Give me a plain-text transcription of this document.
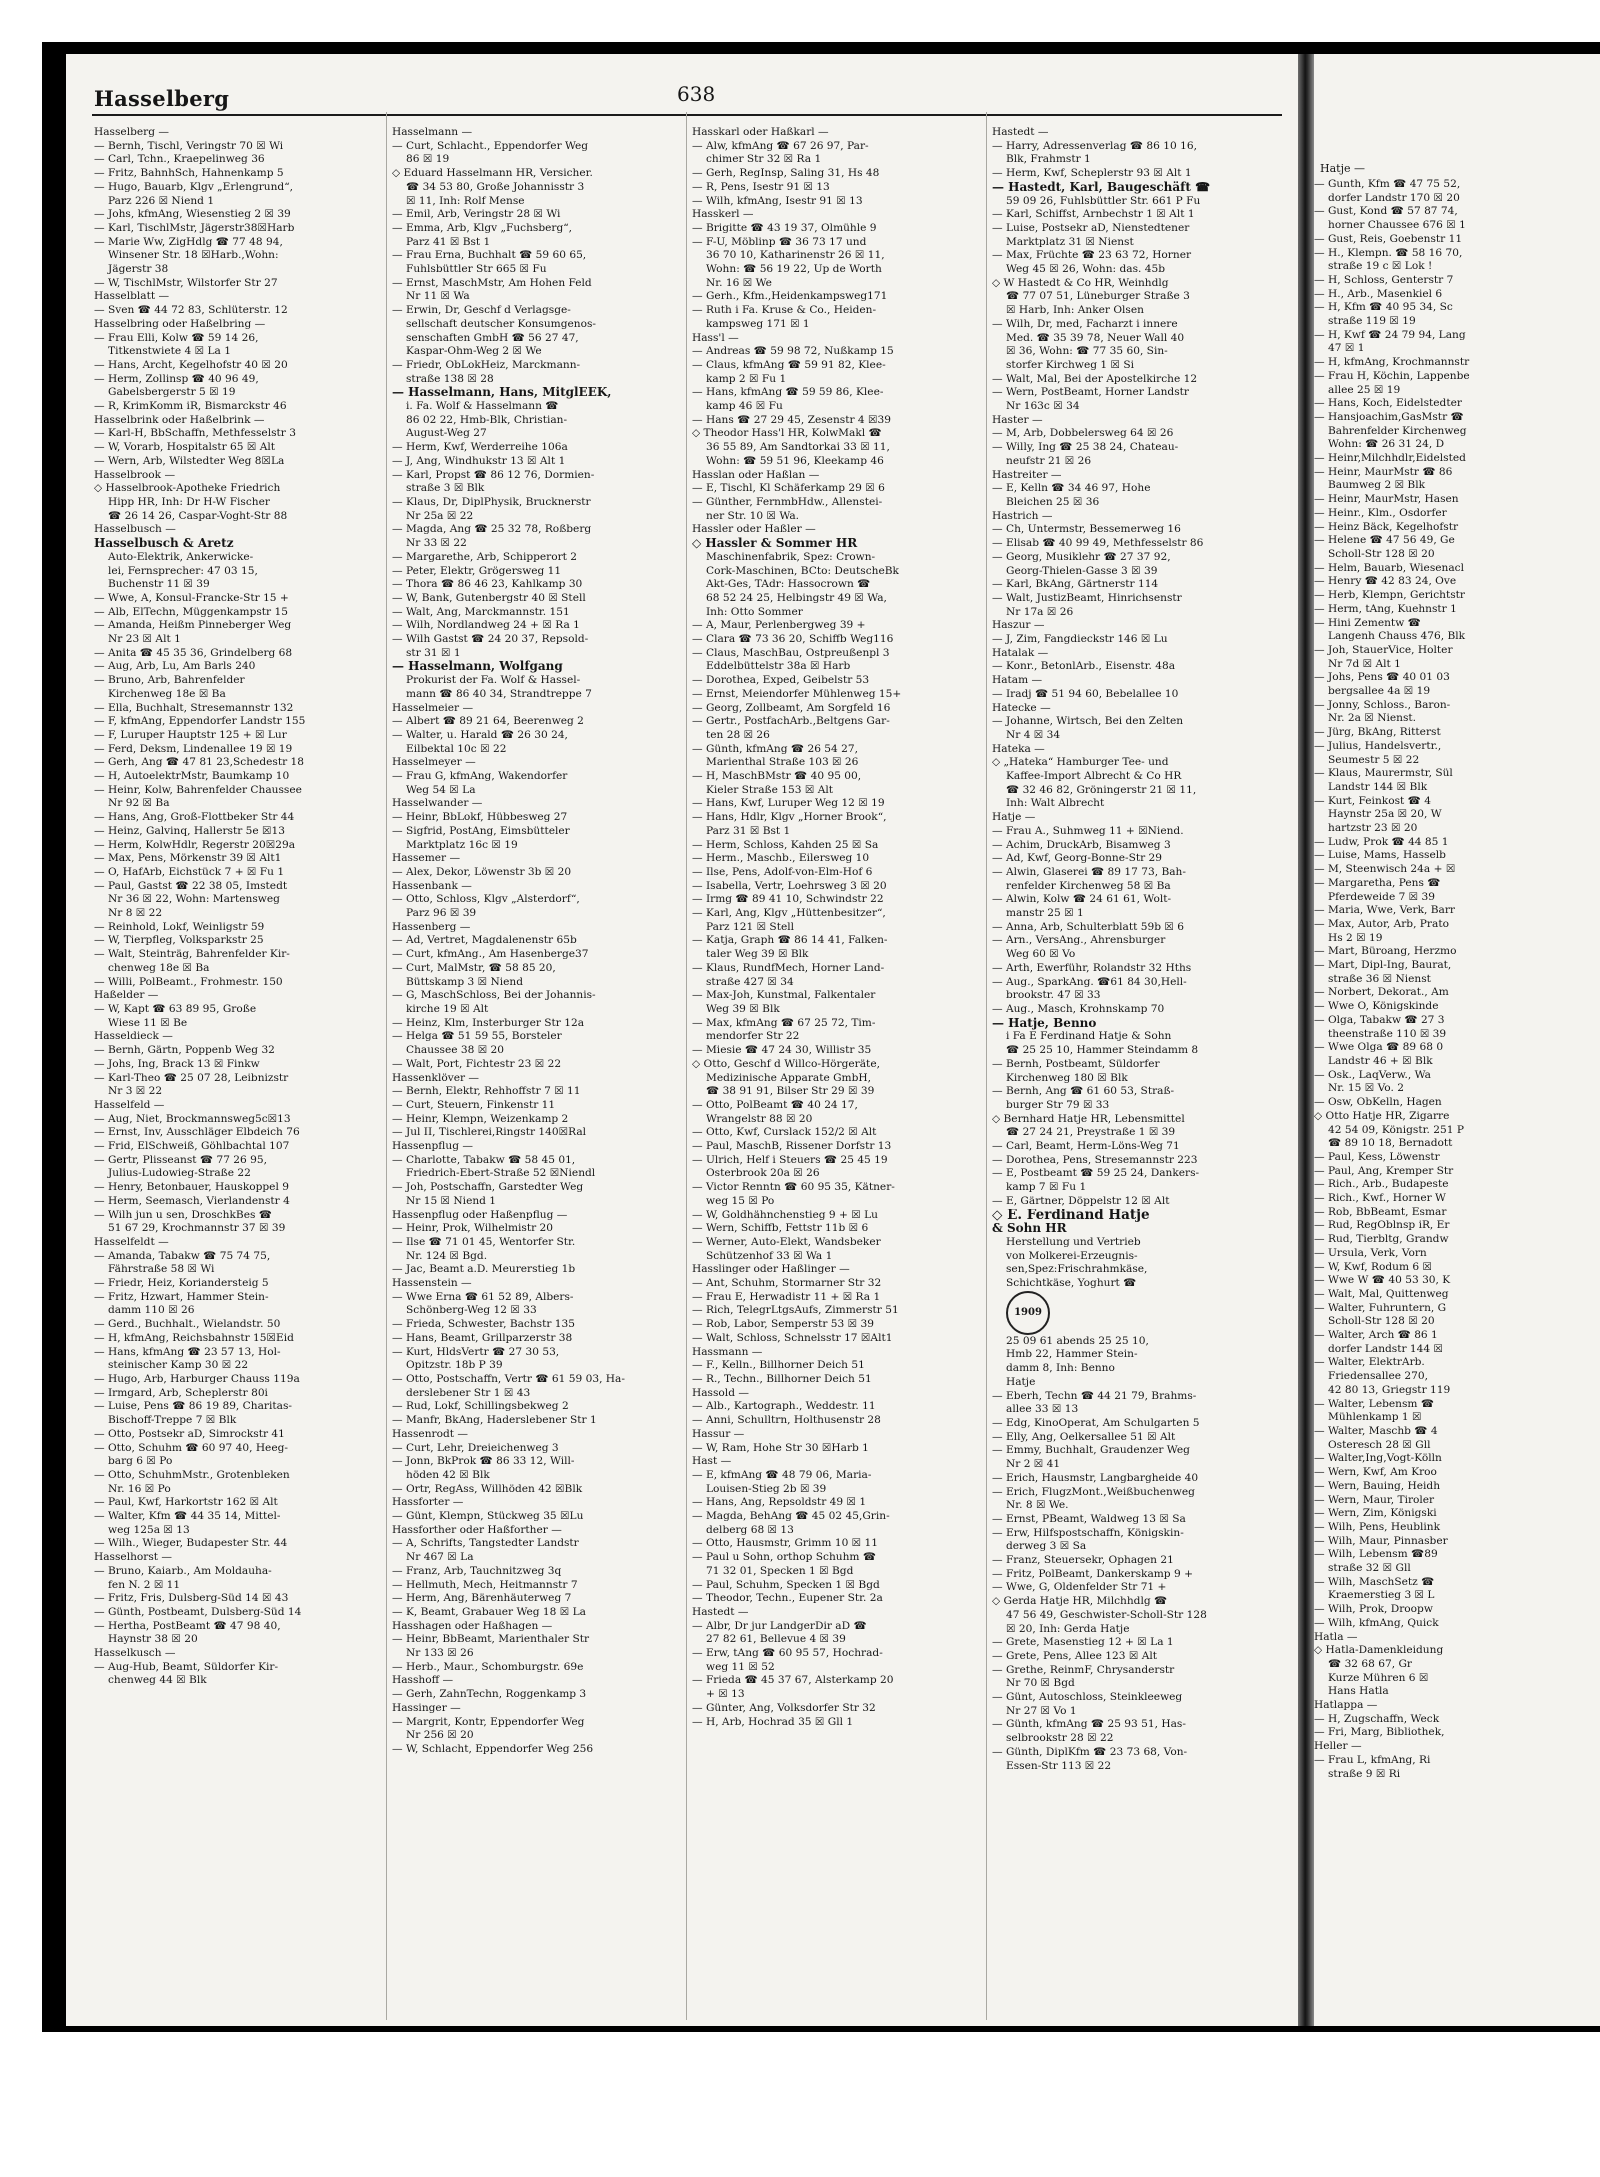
Hatje —
— Gunth, Kfm ☎ 47 75 52,
dorfer Landstr 170 ☒ 20
— Gust, Kond ☎ 57 87 74,
horner Chaussee 676 ☒ 1
— Gust, Reis, Goebenstr 11
— H., Klempn. ☎ 58 16 70,
straße 19 c ☒ Lok !
— H, Schloss, Genterstr 7
— H., Arb., Masenkiel 6
— H, Kfm ☎ 40 95 34, Sc
straße 119 ☒ 19
— H, Kwf ☎ 24 79 94, Lang
47 ☒ 1
— H, kfmAng, Krochmannstr
— Frau H, Köchin, Lappenbe
allee 25 ☒ 19
— Hans, Koch, Eidelstedter
— Hansjoachim,GasMstr ☎
Bahrenfelder Kirchenweg
Wohn: ☎ 26 31 24, D
— Heinr,Milchhdlr,Eidelsted
— Heinr, MaurMstr ☎ 86
Baumweg 2 ☒ Blk
— Heinr, MaurMstr, Hasen
— Heinr., Klm., Osdorfer
— Heinz Bäck, Kegelhofstr
— Helene ☎ 47 56 49, Ge
Scholl-Str 128 ☒ 20
— Helm, Bauarb, Wiesenacl
— Henry ☎ 42 83 24, Ove
— Herb, Klempn, Gerichtstr
— Herm, tAng, Kuehnstr 1
— Hini Zementw ☎
Langenh Chauss 476, Blk
— Joh, StauerVice, Holter
Nr 7d ☒ Alt 1
— Johs, Pens ☎ 40 01 03
bergsallee 4a ☒ 19
— Jonny, Schloss., Baron-
Nr. 2a ☒ Nienst.
— Jürg, BkAng, Ritterst
— Julius, Handelsvertr.,
Seumestr 5 ☒ 22
— Klaus, Maurermstr, Sül
Landstr 144 ☒ Blk
— Kurt, Feinkost ☎ 4
Haynstr 25a ☒ 20, W
hartzstr 23 ☒ 20
— Ludw, Prok ☎ 44 85 1
— Luise, Mams, Hasselb
— M, Steenwisch 24a + ☒
— Margaretha, Pens ☎
Pferdeweide 7 ☒ 39
— Maria, Wwe, Verk, Barr
— Max, Autor, Arb, Prato
Hs 2 ☒ 19
— Mart, Büroang, Herzmo
— Mart, Dipl-Ing, Baurat,
straße 36 ☒ Nienst
— Norbert, Dekorat., Am
— Wwe O, Königskinde
— Olga, Tabakw ☎ 27 3
theenstraße 110 ☒ 39
— Wwe Olga ☎ 89 68 0
Landstr 46 + ☒ Blk
— Osk., LaqVerw., Wa
Nr. 15 ☒ Vo. 2
— Osw, ObKelln, Hagen
◇ Otto Hatje HR, Zigarre
42 54 09, Königstr. 251 P
☎ 89 10 18, Bernadott
— Paul, Kess, Löwenstr
— Paul, Ang, Kremper Str
— Rich., Arb., Budapeste
— Rich., Kwf., Horner W
— Rob, BbBeamt, Esmar
— Rud, RegOblnsp iR, Er
— Rud, Tierbltg, Grandw
— Ursula, Verk, Vorn
— W, Kwf, Rodum 6 ☒
— Wwe W ☎ 40 53 30, K
— Walt, Mal, Quittenweg
— Walter, Fuhruntern, G
Scholl-Str 128 ☒ 20
— Walter, Arch ☎ 86 1
dorfer Landstr 144 ☒
— Walter, ElektrArb.
Friedensallee 270,
42 80 13, Griegstr 119
— Walter, Lebensm ☎
Mühlenkamp 1 ☒
— Walter, Maschb ☎ 4
Osteresch 28 ☒ Gll
— Walter,Ing,Vogt-Kölln
— Wern, Kwf, Am Kroo
— Wern, Bauing, Heidh
— Wern, Maur, Tiroler
— Wern, Zim, Königski
— Wilh, Pens, Heublink
— Wilh, Maur, Pinnasber
— Wilh, Lebensm ☎89
straße 32 ☒ Gll
— Wilh, MaschSetz ☎
Kraemerstieg 3 ☒ L
— Wilh, Prok, Droopw
— Wilh, kfmAng, Quick
Hatla —
◇ Hatla-Damenkleidung
☎ 32 68 67, Gr
Kurze Mühren 6 ☒
Hans Hatla
Hatlappa —
— H, Zugschaffn, Weck
— Fri, Marg, Bibliothek,
Heller —
— Frau L, kfmAng, Ri
straße 9 ☒ Ri
Hasselberg	638
Hasselberg —
— Bernh, Tischl, Veringstr 70 ☒ Wi
— Carl, Tchn., Kraepelinweg 36
— Fritz, BahnhSch, Hahnenkamp 5
— Hugo, Bauarb, Klgv „Erlengrund“,
Parz 226 ☒ Niend 1
— Johs, kfmAng, Wiesenstieg 2 ☒ 39
— Karl, TischlMstr, Jägerstr38☒Harb
— Marie Ww, ZigHdlg ☎ 77 48 94,
Winsener Str. 18 ☒Harb.,Wohn:
Jägerstr 38
— W, TischlMstr, Wilstorfer Str 27
Hasselblatt —
— Sven ☎ 44 72 83, Schlüterstr. 12
Hasselbring oder Haßelbring —
— Frau Elli, Kolw ☎ 59 14 26,
Titkenstwiete 4 ☒ La 1
— Hans, Archt, Kegelhofstr 40 ☒ 20
— Herm, Zollinsp ☎ 40 96 49,
Gabelsbergerstr 5 ☒ 19
— R, KrimKomm iR, Bismarckstr 46
Hasselbrink oder Haßelbrink —
— Karl-H, BbSchaffn, Methfesselstr 3
— W, Vorarb, Hospitalstr 65 ☒ Alt
— Wern, Arb, Wilstedter Weg 8☒La
Hasselbrook —
◇ Hasselbrook-Apotheke Friedrich
Hipp HR, Inh: Dr H-W Fischer
☎ 26 14 26, Caspar-Voght-Str 88
Hasselbusch —
Hasselbusch & Aretz
Auto-Elektrik, Ankerwicke-
lei, Fernsprecher: 47 03 15,
Buchenstr 11 ☒ 39
— Wwe, A, Konsul-Francke-Str 15 +
— Alb, ElTechn, Müggenkampstr 15
— Amanda, Heißm Pinneberger Weg
Nr 23 ☒ Alt 1
— Anita ☎ 45 35 36, Grindelberg 68
— Aug, Arb, Lu, Am Barls 240
— Bruno, Arb, Bahrenfelder
Kirchenweg 18e ☒ Ba
— Ella, Buchhalt, Stresemannstr 132
— F, kfmAng, Eppendorfer Landstr 155
— F, Luruper Hauptstr 125 + ☒ Lur
— Ferd, Deksm, Lindenallee 19 ☒ 19
— Gerh, Ang ☎ 47 81 23,Schedestr 18
— H, AutoelektrMstr, Baumkamp 10
— Heinr, Kolw, Bahrenfelder Chaussee
Nr 92 ☒ Ba
— Hans, Ang, Groß-Flottbeker Str 44
— Heinz, Galvinq, Hallerstr 5e ☒13
— Herm, KolwHdlr, Regerstr 20☒29a
— Max, Pens, Mörkenstr 39 ☒ Alt1
— O, HafArb, Eichstück 7 + ☒ Fu 1
— Paul, Gastst ☎ 22 38 05, Imstedt
Nr 36 ☒ 22, Wohn: Martensweg
Nr 8 ☒ 22
— Reinhold, Lokf, Weinligstr 59
— W, Tierpfleg, Volksparkstr 25
— Walt, Steinträg, Bahrenfelder Kir-
chenweg 18e ☒ Ba
— Willi, PolBeamt., Frohmestr. 150
Haßelder —
— W, Kapt ☎ 63 89 95, Große
Wiese 11 ☒ Be
Hasseldieck —
— Bernh, Gärtn, Poppenb Weg 32
— Johs, Ing, Brack 13 ☒ Finkw
— Karl-Theo ☎ 25 07 28, Leibnizstr
Nr 3 ☒ 22
Hasselfeld —
— Aug, Niet, Brockmannsweg5c☒13
— Ernst, Inv, Ausschläger Elbdeich 76
— Frid, ElSchweiß, Göhlbachtal 107
— Gertr, Plisseanst ☎ 77 26 95,
Julius-Ludowieg-Straße 22
— Henry, Betonbauer, Hauskoppel 9
— Herm, Seemasch, Vierlandenstr 4
— Wilh jun u sen, DroschkBes ☎
51 67 29, Krochmannstr 37 ☒ 39
Hasselfeldt —
— Amanda, Tabakw ☎ 75 74 75,
Fährstraße 58 ☒ Wi
— Friedr, Heiz, Koriandersteig 5
— Fritz, Hzwart, Hammer Stein-
damm 110 ☒ 26
— Gerd., Buchhalt., Wielandstr. 50
— H, kfmAng, Reichsbahnstr 15☒Eid
— Hans, kfmAng ☎ 23 57 13, Hol-
steinischer Kamp 30 ☒ 22
— Hugo, Arb, Harburger Chauss 119a
— Irmgard, Arb, Scheplerstr 80i
— Luise, Pens ☎ 86 19 89, Charitas-
Bischoff-Treppe 7 ☒ Blk
— Otto, Postsekr aD, Simrockstr 41
— Otto, Schuhm ☎ 60 97 40, Heeg-
barg 6 ☒ Po
— Otto, SchuhmMstr., Grotenbleken
Nr. 16 ☒ Po
— Paul, Kwf, Harkortstr 162 ☒ Alt
— Walter, Kfm ☎ 44 35 14, Mittel-
weg 125a ☒ 13
— Wilh., Wieger, Budapester Str. 44
Hasselhorst —
— Bruno, Kaiarb., Am Moldauha-
fen N. 2 ☒ 11
— Fritz, Fris, Dulsberg-Süd 14 ☒ 43
— Günth, Postbeamt, Dulsberg-Süd 14
— Hertha, PostBeamt ☎ 47 98 40,
Haynstr 38 ☒ 20
Hasselkusch —
— Aug-Hub, Beamt, Süldorfer Kir-
chenweg 44 ☒ Blk
Hasselmann —
— Curt, Schlacht., Eppendorfer Weg
86 ☒ 19
◇ Eduard Hasselmann HR, Versicher.
☎ 34 53 80, Große Johannisstr 3
☒ 11, Inh: Rolf Mense
— Emil, Arb, Veringstr 28 ☒ Wi
— Emma, Arb, Klgv „Fuchsberg“,
Parz 41 ☒ Bst 1
— Frau Erna, Buchhalt ☎ 59 60 65,
Fuhlsbüttler Str 665 ☒ Fu
— Ernst, MaschMstr, Am Hohen Feld
Nr 11 ☒ Wa
— Erwin, Dr, Geschf d Verlagsge-
sellschaft deutscher Konsumgenos-
senschaften GmbH ☎ 56 27 47,
Kaspar-Ohm-Weg 2 ☒ We
— Friedr, ObLokHeiz, Marckmann-
straße 138 ☒ 28
— Hasselmann, Hans, MitglEEK,
i. Fa. Wolf & Hasselmann ☎
86 02 22, Hmb-Blk, Christian-
August-Weg 27
— Herm, Kwf, Werderreihe 106a
— J, Ang, Windhukstr 13 ☒ Alt 1
— Karl, Propst ☎ 86 12 76, Dormien-
straße 3 ☒ Blk
— Klaus, Dr, DiplPhysik, Brucknerstr
Nr 25a ☒ 22
— Magda, Ang ☎ 25 32 78, Roßberg
Nr 33 ☒ 22
— Margarethe, Arb, Schipperort 2
— Peter, Elektr, Grögersweg 11
— Thora ☎ 86 46 23, Kahlkamp 30
— W, Bank, Gutenbergstr 40 ☒ Stell
— Walt, Ang, Marckmannstr. 151
— Wilh, Nordlandweg 24 + ☒ Ra 1
— Wilh Gastst ☎ 24 20 37, Repsold-
str 31 ☒ 1
— Hasselmann, Wolfgang
Prokurist der Fa. Wolf & Hassel-
mann ☎ 86 40 34, Strandtreppe 7
Hasselmeier —
— Albert ☎ 89 21 64, Beerenweg 2
— Walter, u. Harald ☎ 26 30 24,
Eilbektal 10c ☒ 22
Hasselmeyer —
— Frau G, kfmAng, Wakendorfer
Weg 54 ☒ La
Hasselwander —
— Heinr, BbLokf, Hübbesweg 27
— Sigfrid, PostAng, Eimsbütteler
Marktplatz 16c ☒ 19
Hassemer —
— Alex, Dekor, Löwenstr 3b ☒ 20
Hassenbank —
— Otto, Schloss, Klgv „Alsterdorf“,
Parz 96 ☒ 39
Hassenberg —
— Ad, Vertret, Magdalenenstr 65b
— Curt, kfmAng., Am Hasenberge37
— Curt, MalMstr, ☎ 58 85 20,
Büttskamp 3 ☒ Niend
— G, MaschSchloss, Bei der Johannis-
kirche 19 ☒ Alt
— Heinz, Klm, Insterburger Str 12a
— Helga ☎ 51 59 55, Borsteler
Chaussee 38 ☒ 20
— Walt, Port, Fichtestr 23 ☒ 22
Hassenklöver —
— Bernh, Elektr, Rehhoffstr 7 ☒ 11
— Curt, Steuern, Finkenstr 11
— Heinr, Klempn, Weizenkamp 2
— Jul II, Tischlerei,Ringstr 140☒Ral
Hassenpflug —
— Charlotte, Tabakw ☎ 58 45 01,
Friedrich-Ebert-Straße 52 ☒Niendl
— Joh, Postschaffn, Garstedter Weg
Nr 15 ☒ Niend 1
Hassenpflug oder Haßenpflug —
— Heinr, Prok, Wilhelmistr 20
— Ilse ☎ 71 01 45, Wentorfer Str.
Nr. 124 ☒ Bgd.
— Jac, Beamt a.D. Meurerstieg 1b
Hassenstein —
— Wwe Erna ☎ 61 52 89, Albers-
Schönberg-Weg 12 ☒ 33
— Frieda, Schwester, Bachstr 135
— Hans, Beamt, Grillparzerstr 38
— Kurt, HldsVertr ☎ 27 30 53,
Opitzstr. 18b P 39
— Otto, Postschaffn, Vertr ☎ 61 59 03, Ha-
derslebener Str 1 ☒ 43
— Rud, Lokf, Schillingsbekweg 2
— Manfr, BkAng, Haderslebener Str 1
Hassenrodt —
— Curt, Lehr, Dreieichenweg 3
— Jonn, BkProk ☎ 86 33 12, Will-
höden 42 ☒ Blk
— Ortr, RegAss, Willhöden 42 ☒Blk
Hassforter —
— Günt, Klempn, Stückweg 35 ☒Lu
Hassforther oder Haßforther —
— A, Schrifts, Tangstedter Landstr
Nr 467 ☒ La
— Franz, Arb, Tauchnitzweg 3q
— Hellmuth, Mech, Heitmannstr 7
— Herm, Ang, Bärenhäuterweg 7
— K, Beamt, Grabauer Weg 18 ☒ La
Hasshagen oder Haßhagen —
— Heinr, BbBeamt, Marienthaler Str
Nr 133 ☒ 26
— Herb., Maur., Schomburgstr. 69e
Hasshoff —
— Gerh, ZahnTechn, Roggenkamp 3
Hassinger —
— Margrit, Kontr, Eppendorfer Weg
Nr 256 ☒ 20
— W, Schlacht, Eppendorfer Weg 256
Hasskarl oder Haßkarl —
— Alw, kfmAng ☎ 67 26 97, Par-
chimer Str 32 ☒ Ra 1
— Gerh, RegInsp, Saling 31, Hs 48
— R, Pens, Isestr 91 ☒ 13
— Wilh, kfmAng, Isestr 91 ☒ 13
Hasskerl —
— Brigitte ☎ 43 19 37, Olmühle 9
— F-U, Möblinp ☎ 36 73 17 und
36 70 10, Katharinenstr 26 ☒ 11,
Wohn: ☎ 56 19 22, Up de Worth
Nr. 16 ☒ We
— Gerh., Kfm.,Heidenkampsweg171
— Ruth i Fa. Kruse & Co., Heiden-
kampsweg 171 ☒ 1
Hass'l —
— Andreas ☎ 59 98 72, Nußkamp 15
— Claus, kfmAng ☎ 59 91 82, Klee-
kamp 2 ☒ Fu 1
— Hans, kfmAng ☎ 59 59 86, Klee-
kamp 46 ☒ Fu
— Hans ☎ 27 29 45, Zesenstr 4 ☒39
◇ Theodor Hass'l HR, KolwMakl ☎
36 55 89, Am Sandtorkai 33 ☒ 11,
Wohn: ☎ 59 51 96, Kleekamp 46
Hasslan oder Haßlan —
— E, Tischl, Kl Schäferkamp 29 ☒ 6
— Günther, FernmbHdw., Allenstei-
ner Str. 10 ☒ Wa.
Hassler oder Haßler —
◇ Hassler & Sommer HR
Maschinenfabrik, Spez: Crown-
Cork-Maschinen, BCto: DeutscheBk
Akt-Ges, TAdr: Hassocrown ☎
68 52 24 25, Helbingstr 49 ☒ Wa,
Inh: Otto Sommer
— A, Maur, Perlenbergweg 39 +
— Clara ☎ 73 36 20, Schiffb Weg116
— Claus, MaschBau, Ostpreußenpl 3
Eddelbüttelstr 38a ☒ Harb
— Dorothea, Exped, Geibelstr 53
— Ernst, Meiendorfer Mühlenweg 15+
— Georg, Zollbeamt, Am Sorgfeld 16
— Gertr., PostfachArb.,Beltgens Gar-
ten 28 ☒ 26
— Günth, kfmAng ☎ 26 54 27,
Marienthal Straße 103 ☒ 26
— H, MaschBMstr ☎ 40 95 00,
Kieler Straße 153 ☒ Alt
— Hans, Kwf, Luruper Weg 12 ☒ 19
— Hans, Hdlr, Klgv „Horner Brook“,
Parz 31 ☒ Bst 1
— Herm, Schloss, Kahden 25 ☒ Sa
— Herm., Maschb., Eilersweg 10
— Ilse, Pens, Adolf-von-Elm-Hof 6
— Isabella, Vertr, Loehrsweg 3 ☒ 20
— Irmg ☎ 89 41 10, Schwindstr 22
— Karl, Ang, Klgv „Hüttenbesitzer“,
Parz 121 ☒ Stell
— Katja, Graph ☎ 86 14 41, Falken-
taler Weg 39 ☒ Blk
— Klaus, RundfMech, Horner Land-
straße 427 ☒ 34
— Max-Joh, Kunstmal, Falkentaler
Weg 39 ☒ Blk
— Max, kfmAng ☎ 67 25 72, Tim-
mendorfer Str 22
— Miesie ☎ 47 24 30, Willistr 35
◇ Otto, Geschf d Willco-Hörgeräte,
Medizinische Apparate GmbH,
☎ 38 91 91, Bilser Str 29 ☒ 39
— Otto, PolBeamt ☎ 40 24 17,
Wrangelstr 88 ☒ 20
— Otto, Kwf, Curslack 152/2 ☒ Alt
— Paul, MaschB, Rissener Dorfstr 13
— Ulrich, Helf i Steuers ☎ 25 45 19
Osterbrook 20a ☒ 26
— Victor Renntn ☎ 60 95 35, Kätner-
weg 15 ☒ Po
— W, Goldhähnchenstieg 9 + ☒ Lu
— Wern, Schiffb, Fettstr 11b ☒ 6
— Werner, Auto-Elekt, Wandsbeker
Schützenhof 33 ☒ Wa 1
Hasslinger oder Haßlinger —
— Ant, Schuhm, Stormarner Str 32
— Frau E, Herwadistr 11 + ☒ Ra 1
— Rich, TelegrLtgsAufs, Zimmerstr 51
— Rob, Labor, Semperstr 53 ☒ 39
— Walt, Schloss, Schnelsstr 17 ☒Alt1
Hassmann —
— F., Kelln., Billhorner Deich 51
— R., Techn., Billhorner Deich 51
Hassold —
— Alb., Kartograph., Weddestr. 11
— Anni, Schulltrn, Holthusenstr 28
Hassur —
— W, Ram, Hohe Str 30 ☒Harb 1
Hast —
— E, kfmAng ☎ 48 79 06, Maria-
Louisen-Stieg 2b ☒ 39
— Hans, Ang, Repsoldstr 49 ☒ 1
— Magda, BehAng ☎ 45 02 45,Grin-
delberg 68 ☒ 13
— Otto, Hausmstr, Grimm 10 ☒ 11
— Paul u Sohn, orthop Schuhm ☎
71 32 01, Specken 1 ☒ Bgd
— Paul, Schuhm, Specken 1 ☒ Bgd
— Theodor, Techn., Eupener Str. 2a
Hastedt —
— Albr, Dr jur LandgerDir aD ☎
27 82 61, Bellevue 4 ☒ 39
— Erw, tAng ☎ 60 95 57, Hochrad-
weg 11 ☒ 52
— Frieda ☎ 45 37 67, Alsterkamp 20
+ ☒ 13
— Günter, Ang, Volksdorfer Str 32
— H, Arb, Hochrad 35 ☒ Gll 1
Hastedt —
— Harry, Adressenverlag ☎ 86 10 16,
Blk, Frahmstr 1
— Herm, Kwf, Scheplerstr 93 ☒ Alt 1
— Hastedt, Karl, Baugeschäft ☎
59 09 26, Fuhlsbüttler Str. 661 P Fu
— Karl, Schiffst, Arnbechstr 1 ☒ Alt 1
— Luise, Postsekr aD, Nienstedtener
Marktplatz 31 ☒ Nienst
— Max, Früchte ☎ 23 63 72, Horner
Weg 45 ☒ 26, Wohn: das. 45b
◇ W Hastedt & Co HR, Weinhdlg
☎ 77 07 51, Lüneburger Straße 3
☒ Harb, Inh: Anker Olsen
— Wilh, Dr, med, Facharzt i innere
Med. ☎ 35 39 78, Neuer Wall 40
☒ 36, Wohn: ☎ 77 35 60, Sin-
storfer Kirchweg 1 ☒ Si
— Walt, Mal, Bei der Apostelkirche 12
— Wern, PostBeamt, Horner Landstr
Nr 163c ☒ 34
Haster —
— M, Arb, Dobbelersweg 64 ☒ 26
— Willy, Ing ☎ 25 38 24, Chateau-
neufstr 21 ☒ 26
Hastreiter —
— E, Kelln ☎ 34 46 97, Hohe
Bleichen 25 ☒ 36
Hastrich —
— Ch, Untermstr, Bessemerweg 16
— Elisab ☎ 40 99 49, Methfesselstr 86
— Georg, Musiklehr ☎ 27 37 92,
Georg-Thielen-Gasse 3 ☒ 39
— Karl, BkAng, Gärtnerstr 114
— Walt, JustizBeamt, Hinrichsenstr
Nr 17a ☒ 26
Haszur —
— J, Zim, Fangdieckstr 146 ☒ Lu
Hatalak —
— Konr., BetonlArb., Eisenstr. 48a
Hatam —
— Iradj ☎ 51 94 60, Bebelallee 10
Hatecke —
— Johanne, Wirtsch, Bei den Zelten
Nr 4 ☒ 34
Hateka —
◇ „Hateka“ Hamburger Tee- und
Kaffee-Import Albrecht & Co HR
☎ 32 46 82, Gröningerstr 21 ☒ 11,
Inh: Walt Albrecht
Hatje —
— Frau A., Suhmweg 11 + ☒Niend.
— Achim, DruckArb, Bisamweg 3
— Ad, Kwf, Georg-Bonne-Str 29
— Alwin, Glaserei ☎ 89 17 73, Bah-
renfelder Kirchenweg 58 ☒ Ba
— Alwin, Kolw ☎ 24 61 61, Wolt-
manstr 25 ☒ 1
— Anna, Arb, Schulterblatt 59b ☒ 6
— Arn., VersAng., Ahrensburger
Weg 60 ☒ Vo
— Arth, Ewerführ, Rolandstr 32 Hths
— Aug., SparkAng. ☎61 84 30,Hell-
brookstr. 47 ☒ 33
— Aug., Masch, Krohnskamp 70
— Hatje, Benno
i Fa E Ferdinand Hatje & Sohn
☎ 25 25 10, Hammer Steindamm 8
— Bernh, Postbeamt, Süldorfer
Kirchenweg 180 ☒ Blk
— Bernh, Ang ☎ 61 60 53, Straß-
burger Str 79 ☒ 33
◇ Bernhard Hatje HR, Lebensmittel
☎ 27 24 21, Preystraße 1 ☒ 39
— Carl, Beamt, Herm-Löns-Weg 71
— Dorothea, Pens, Stresemannstr 223
— E, Postbeamt ☎ 59 25 24, Dankers-
kamp 7 ☒ Fu 1
— E, Gärtner, Döppelstr 12 ☒ Alt
◇ E. Ferdinand Hatje
& Sohn HR
Herstellung und Vertrieb
von Molkerei-Erzeugnis-
sen,Spez:Frischrahmkäse,
Schichtkäse, Yoghurt ☎
1909
25 09 61 abends 25 25 10,
Hmb 22, Hammer Stein-
damm 8, Inh: Benno
Hatje
— Eberh, Techn ☎ 44 21 79, Brahms-
allee 33 ☒ 13
— Edg, KinoOperat, Am Schulgarten 5
— Elly, Ang, Oelkersallee 51 ☒ Alt
— Emmy, Buchhalt, Graudenzer Weg
Nr 2 ☒ 41
— Erich, Hausmstr, Langbargheide 40
— Erich, FlugzMont.,Weißbuchenweg
Nr. 8 ☒ We.
— Ernst, PBeamt, Waldweg 13 ☒ Sa
— Erw, Hilfspostschaffn, Königskin-
derweg 3 ☒ Sa
— Franz, Steuersekr, Ophagen 21
— Fritz, PolBeamt, Dankerskamp 9 +
— Wwe, G, Oldenfelder Str 71 +
◇ Gerda Hatje HR, Milchhdlg ☎
47 56 49, Geschwister-Scholl-Str 128
☒ 20, Inh: Gerda Hatje
— Grete, Masenstieg 12 + ☒ La 1
— Grete, Pens, Allee 123 ☒ Alt
— Grethe, ReinmF, Chrysanderstr
Nr 70 ☒ Bgd
— Günt, Autoschloss, Steinkleeweg
Nr 27 ☒ Vo 1
— Günth, kfmAng ☎ 25 93 51, Has-
selbrookstr 28 ☒ 22
— Günth, DiplKfm ☎ 23 73 68, Von-
Essen-Str 113 ☒ 22
